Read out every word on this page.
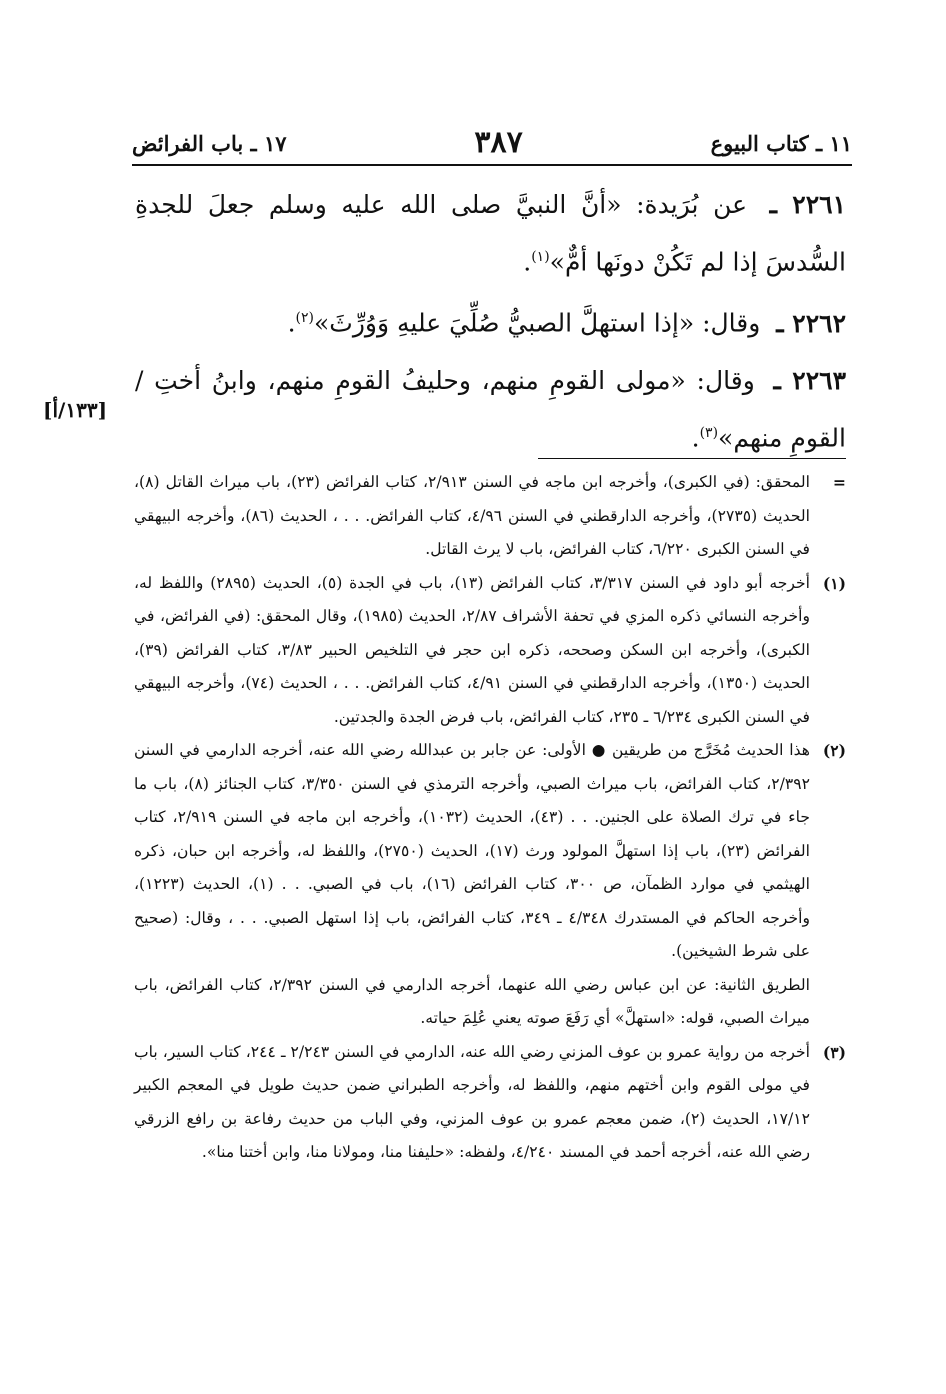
١١ ـ كتاب البيوع
٣٨٧
١٧ ـ باب الفرائض

٢٢٦١ ـ عن بُرَيدة: «أنَّ النبيَّ صلى الله عليه وسلم جعلَ للجدةِ السُّدسَ إذا لم تَكُنْ دونَها أمٌّ»$^{(١)}$.

٢٢٦٢ ـ وقال: «إذا استهلَّ الصبيُّ صُلِّيَ عليهِ وَوُرِّثَ»$^{(٢)}$.

٢٢٦٣ ـ وقال: «مولى القومِ منهم، وحليفُ القومِ منهم، وابنُ أختِ / القومِ منهم»$^{(٣)}$.

[١٣٣/أ]
=
المحقق: (في الكبرى)، وأخرجه ابن ماجه في السنن ٢/٩١٣، كتاب الفرائض (٢٣)، باب ميراث القاتل (٨)، الحديث (٢٧٣٥)، وأخرجه الدارقطني في السنن ٤/٩٦، كتاب الفرائض. . . ، الحديث (٨٦)، وأخرجه البيهقي في السنن الكبرى ٦/٢٢٠، كتاب الفرائض، باب لا يرث القاتل.
(١)
أخرجه أبو داود في السنن ٣/٣١٧، كتاب الفرائض (١٣)، باب في الجدة (٥)، الحديث (٢٨٩٥) واللفظ له، وأخرجه النسائي ذكره المزي في تحفة الأشراف ٢/٨٧، الحديث (١٩٨٥)، وقال المحقق: (في الفرائض، في الكبرى)، وأخرجه ابن السكن وصححه، ذكره ابن حجر في التلخيص الحبير ٣/٨٣، كتاب الفرائض (٣٩)، الحديث (١٣٥٠)، وأخرجه الدارقطني في السنن ٤/٩١، كتاب الفرائض. . . ، الحديث (٧٤)، وأخرجه البيهقي في السنن الكبرى ٦/٢٣٤ ـ ٢٣٥، كتاب الفرائض، باب فرض الجدة والجدتين.
(٢)
هذا الحديث مُخَرَّج من طريقين ● الأولى: عن جابر بن عبدالله رضي الله عنه، أخرجه الدارمي في السنن ٢/٣٩٢، كتاب الفرائض، باب ميراث الصبي، وأخرجه الترمذي في السنن ٣/٣٥٠، كتاب الجنائز (٨)، باب ما جاء في ترك الصلاة على الجنين. . . (٤٣)، الحديث (١٠٣٢)، وأخرجه ابن ماجه في السنن ٢/٩١٩، كتاب الفرائض (٢٣)، باب إذا استهلَّ المولود ورث (١٧)، الحديث (٢٧٥٠)، واللفظ له، وأخرجه ابن حبان، ذكره الهيثمي في موارد الظمآن، ص ٣٠٠، كتاب الفرائض (١٦)، باب في الصبي. . . (١)، الحديث (١٢٢٣)، وأخرجه الحاكم في المستدرك ٤/٣٤٨ ـ ٣٤٩، كتاب الفرائض، باب إذا استهل الصبي. . . ، وقال: (صحيح على شرط الشيخين).
الطريق الثانية: عن ابن عباس رضي الله عنهما، أخرجه الدارمي في السنن ٢/٣٩٢، كتاب الفرائض، باب ميراث الصبي، قوله: «استهلَّ» أي رَفَعَ صوته يعني عُلِمَ حياته.
(٣)
أخرجه من رواية عمرو بن عوف المزني رضي الله عنه، الدارمي في السنن ٢/٢٤٣ ـ ٢٤٤، كتاب السير، باب في مولى القوم وابن أختهم منهم، واللفظ له، وأخرجه الطبراني ضمن حديث طويل في المعجم الكبير ١٧/١٢، الحديث (٢)، ضمن معجم عمرو بن عوف المزني، وفي الباب من حديث رفاعة بن رافع الزرقي رضي الله عنه، أخرجه أحمد في المسند ٤/٢٤٠، ولفظه: «حليفنا منا، ومولانا منا، وابن أختنا منا».
